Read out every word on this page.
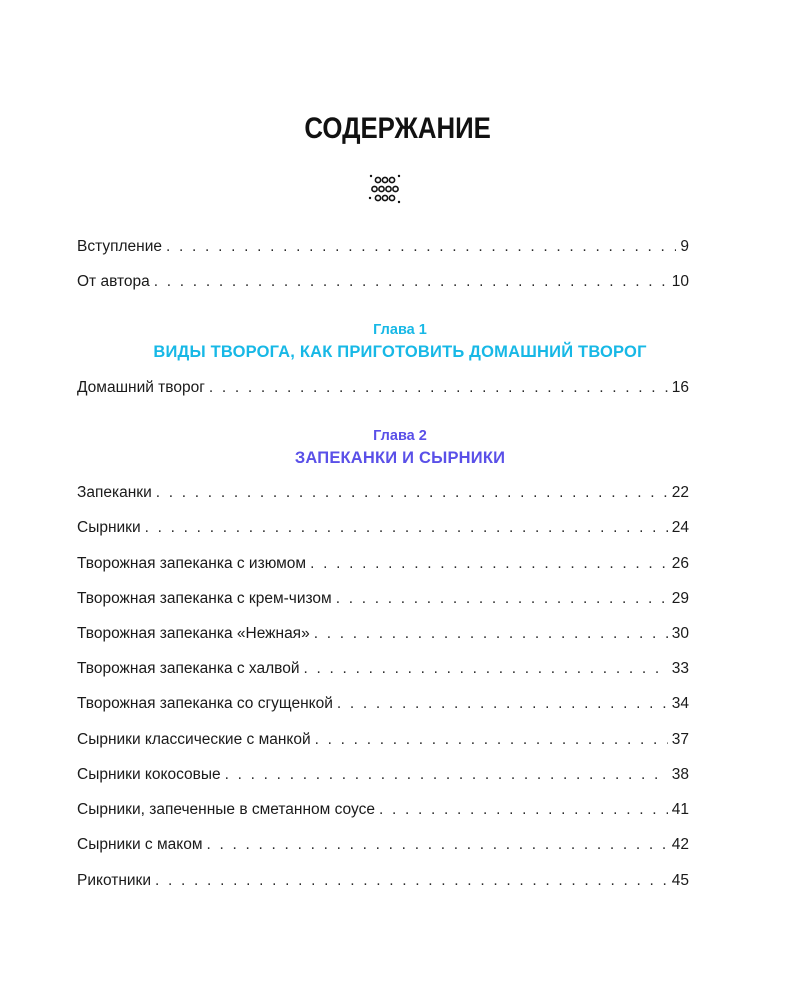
СОДЕРЖАНИЕ
Вступление . . .	9
От автора . . .	10
Домашний творог . . .	16
Запеканки . . .	22
Сырники . . .	24
Творожная запеканка с изюмом . . .	26
Творожная запеканка с крем-чизом . . .	29
Творожная запеканка «Нежная» . . .	30
Творожная запеканка с халвой . . .	33
Творожная запеканка со сгущенкой . . .	34
Сырники классические с манкой . . .	37
Сырники кокосовые . . .	38
Сырники, запеченные в сметанном соусе . . .	41
Сырники с маком . . .	42
Рикотники . . .	45
Глава 1
ВИДЫ ТВОРОГА, КАК ПРИГОТОВИТЬ ДОМАШНИЙ ТВОРОГ
Глава 2
ЗАПЕКАНКИ И СЫРНИКИ
